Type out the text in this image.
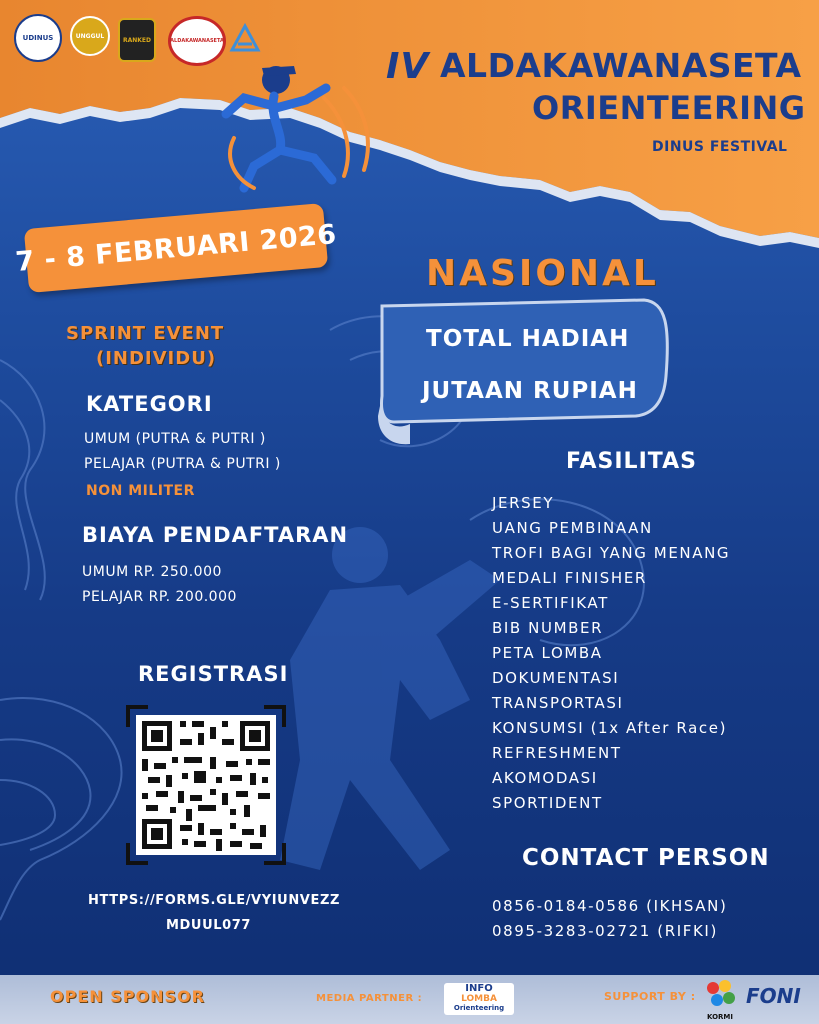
UDINUS	UNGGUL
RANKED	ALDAKAWANASETA
IV ALDAKAWANASETA
ORIENTEERING
DINUS FESTIVAL
7 - 8 FEBRUARI 2026 NASIONAL
TOTAL HADIAH
JUTAAN RUPIAH
SPRINT EVENT
(INDIVIDU)
KATEGORI
UMUM (PUTRA & PUTRI )
PELAJAR (PUTRA & PUTRI )
NON MILITER
BIAYA PENDAFTARAN
UMUM RP. 250.000
PELAJAR RP. 200.000
REGISTRASI
HTTPS://FORMS.GLE/VYIUNVEZZ
MDUUL077
FASILITAS
JERSEY
UANG PEMBINAAN
TROFI BAGI YANG MENANG
MEDALI FINISHER
E-SERTIFIKAT
BIB NUMBER
PETA LOMBA
DOKUMENTASI
TRANSPORTASI
KONSUMSI (1x After Race)
REFRESHMENT
AKOMODASI
SPORTIDENT
CONTACT PERSON
0856-0184-0586 (IKHSAN)
0895-3283-02721 (RIFKI)
OPEN SPONSOR	MEDIA PARTNER :
INFO
LOMBA
Orienteering
SUPPORT BY :
KORMI
FONI
